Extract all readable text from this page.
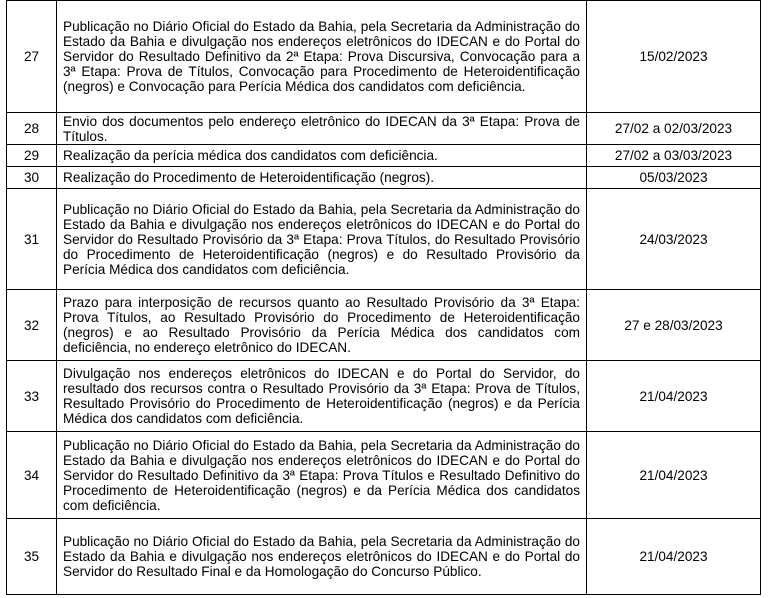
27	Publicação no Diário Oficial do Estado da Bahia, pela Secretaria da Administração do Estado da Bahia e divulgação nos endereços eletrônicos do IDECAN e do Portal do Servidor do Resultado Definitivo da 2ª Etapa: Prova Discursiva, Convocação para a 3ª Etapa: Prova de Títulos, Convocação para Procedimento de Heteroidentificação (negros) e Convocação para Perícia Médica dos candidatos com deficiência.	15/02/2023
28	Envio dos documentos pelo endereço eletrônico do IDECAN da 3ª Etapa: Prova de Títulos.	27/02 a 02/03/2023
29	Realização da perícia médica dos candidatos com deficiência.	27/02 a 03/03/2023
30	Realização do Procedimento de Heteroidentificação (negros).	05/03/2023
31	Publicação no Diário Oficial do Estado da Bahia, pela Secretaria da Administração do Estado da Bahia e divulgação nos endereços eletrônicos do IDECAN e do Portal do Servidor do Resultado Provisório da 3ª Etapa: Prova Títulos, do Resultado Provisório do Procedimento de Heteroidentificação (negros) e do Resultado Provisório da Perícia Médica dos candidatos com deficiência.	24/03/2023
32	Prazo para interposição de recursos quanto ao Resultado Provisório da 3ª Etapa: Prova Títulos, ao Resultado Provisório do Procedimento de Heteroidentificação (negros) e ao Resultado Provisório da Perícia Médica dos candidatos com deficiência, no endereço eletrônico do IDECAN.	27 e 28/03/2023
33	Divulgação nos endereços eletrônicos do IDECAN e do Portal do Servidor, do resultado dos recursos contra o Resultado Provisório da 3ª Etapa: Prova de Títulos, Resultado Provisório do Procedimento de Heteroidentificação (negros) e da Perícia Médica dos candidatos com deficiência.	21/04/2023
34	Publicação no Diário Oficial do Estado da Bahia, pela Secretaria da Administração do Estado da Bahia e divulgação nos endereços eletrônicos do IDECAN e do Portal do Servidor do Resultado Definitivo da 3ª Etapa: Prova Títulos e Resultado Definitivo do Procedimento de Heteroidentificação (negros) e da Perícia Médica dos candidatos com deficiência.	21/04/2023
35	Publicação no Diário Oficial do Estado da Bahia, pela Secretaria da Administração do Estado da Bahia e divulgação nos endereços eletrônicos do IDECAN e do Portal do Servidor do Resultado Final e da Homologação do Concurso Público.	21/04/2023
